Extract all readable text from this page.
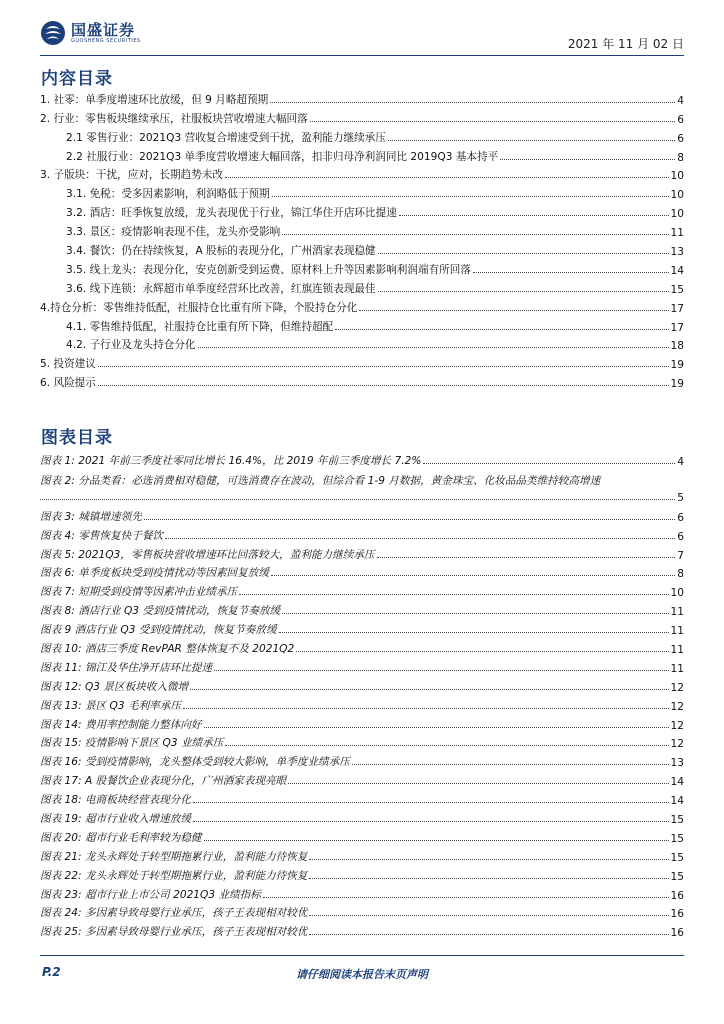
国盛证券
GUOSHENG SECURITIES	2021 年 11 月 02 日
内容目录
1. 社零：单季度增速环比放缓，但 9 月略超预期	4
2. 行业：零售板块继续承压，社服板块营收增速大幅回落	6
2.1 零售行业：2021Q3 营收复合增速受到干扰，盈利能力继续承压	6
2.2 社服行业：2021Q3 单季度营收增速大幅回落，扣非归母净利润同比 2019Q3 基本持平	8
3. 子版块：干扰，应对，长期趋势未改	10
3.1. 免税：受多因素影响，利润略低于预期	10
3.2. 酒店：旺季恢复放缓，龙头表现优于行业，锦江华住开店环比提速	10
3.3. 景区：疫情影响表现不佳，龙头亦受影响	11
3.4. 餐饮：仍在持续恢复，A 股标的表现分化，广州酒家表现稳健	13
3.5. 线上龙头：表现分化，安克创新受到运费、原材料上升等因素影响利润端有所回落	14
3.6. 线下连锁：永辉超市单季度经营环比改善，红旗连锁表现最佳	15
4.持仓分析：零售维持低配，社服持仓比重有所下降，个股持仓分化	17
4.1. 零售维持低配，社服持仓比重有所下降，但维持超配	17
4.2. 子行业及龙头持仓分化	18
5. 投资建议	19
6. 风险提示	19
图表目录
图表 1: 2021 年前三季度社零同比增长 16.4%，比 2019 年前三季度增长 7.2%	4
图表 2: 分品类看：必选消费相对稳健，可选消费存在波动，但综合看 1-9 月数据，黄金珠宝、化妆品品类维持较高增速
5
图表 3: 城镇增速领先	6
图表 4: 零售恢复快于餐饮	6
图表 5: 2021Q3，零售板块营收增速环比回落较大，盈利能力继续承压	7
图表 6: 单季度板块受到疫情扰动等因素回复放缓	8
图表 7: 短期受到疫情等因素冲击业绩承压	10
图表 8: 酒店行业 Q3 受到疫情扰动，恢复节奏放缓	11
图表 9 酒店行业 Q3 受到疫情扰动，恢复节奏放缓	11
图表 10: 酒店三季度 RevPAR 整体恢复不及 2021Q2	11
图表 11: 锦江及华住净开店环比提速	11
图表 12: Q3 景区板块收入微增	12
图表 13: 景区 Q3 毛利率承压	12
图表 14: 费用率控制能力整体向好	12
图表 15: 疫情影响下景区 Q3 业绩承压	12
图表 16: 受到疫情影响，龙头整体受到较大影响，单季度业绩承压	13
图表 17: A 股餐饮企业表现分化，广州酒家表现亮眼	14
图表 18: 电商板块经营表现分化	14
图表 19: 超市行业收入增速放缓	15
图表 20: 超市行业毛利率较为稳健	15
图表 21: 龙头永辉处于转型期拖累行业，盈利能力待恢复	15
图表 22: 龙头永辉处于转型期拖累行业，盈利能力待恢复	15
图表 23: 超市行业上市公司 2021Q3 业绩指标	16
图表 24: 多因素导致母婴行业承压，孩子王表现相对较优	16
图表 25: 多因素导致母婴行业承压，孩子王表现相对较优	16
P.2	请仔细阅读本报告末页声明
